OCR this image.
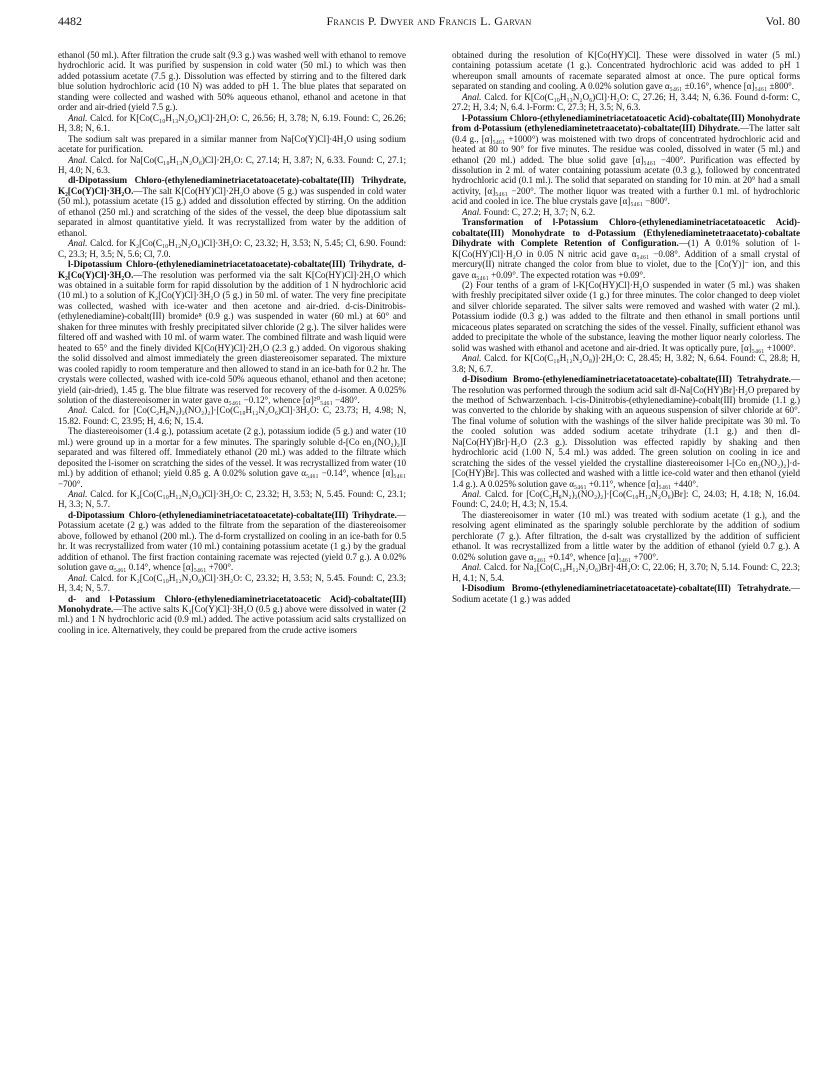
4482	Francis P. Dwyer and Francis L. Garvan	Vol. 80

ethanol (50 ml.). After filtration the crude salt (9.3 g.) was washed well with ethanol to remove hydrochloric acid. It was purified by suspension in cold water (50 ml.) to which was then added potassium acetate (7.5 g.). Dissolution was effected by stirring and to the filtered dark blue solution hydrochloric acid (10 N) was added to pH 1. The blue plates that separated on standing were collected and washed with 50% aqueous ethanol, ethanol and acetone in that order and air-dried (yield 7.5 g.).

Anal. Calcd. for K[Co(C₁₀H₁₃N₂O₆)Cl]·2H₂O: C, 26.56; H, 3.78; N, 6.19. Found: C, 26.26; H, 3.8; N, 6.1.

The sodium salt was prepared in a similar manner from Na[Co(Y)Cl]·4H₂O using sodium acetate for purification.

Anal. Calcd. for Na[Co(C₁₀H₁₃N₂O₆)Cl]·2H₂O: C, 27.14; H, 3.87; N, 6.33. Found: C, 27.1; H, 4.0; N, 6.3.

dl-Dipotassium Chloro-(ethylenediaminetriacetatoacetate)-cobaltate(III) Trihydrate, K₂[Co(Y)Cl]·3H₂O.—The salt K[Co(HY)Cl]·2H₂O above (5 g.) was suspended in cold water (50 ml.), potassium acetate (15 g.) added and dissolution effected by stirring. On the addition of ethanol (250 ml.) and scratching of the sides of the vessel, the deep blue dipotassium salt separated in almost quantitative yield. It was recrystallized from water by the addition of ethanol.

Anal. Calcd. for K₂[Co(C₁₀H₁₂N₂O₆)Cl]·3H₂O: C, 23.32; H, 3.53; N, 5.45; Cl, 6.90. Found: C, 23.3; H, 3.5; N, 5.6; Cl, 7.0.

l-Dipotassium Chloro-(ethylenediaminetriacetatoacetate)-cobaltate(III) Trihydrate, d-K₂[Co(Y)Cl]·3H₂O.—The resolution was performed via the salt K[Co(HY)Cl]·2H₂O which was obtained in a suitable form for rapid dissolution by the addition of 1 N hydrochloric acid (10 ml.) to a solution of K₂[Co(Y)Cl]·3H₂O (5 g.) in 50 ml. of water. The very fine precipitate was collected, washed with ice-water and then acetone and air-dried. d-cis-Dinitrobis-(ethylenediamine)-cobalt(III) bromide⁸ (0.9 g.) was suspended in water (60 ml.) at 60° and shaken for three minutes with freshly precipitated silver chloride (2 g.). The silver halides were filtered off and washed with 10 ml. of warm water. The combined filtrate and wash liquid were heated to 65° and the finely divided K[Co(HY)Cl]·2H₂O (2.3 g.) added. On vigorous shaking the solid dissolved and almost immediately the green diastereoisomer separated. The mixture was cooled rapidly to room temperature and then allowed to stand in an ice-bath for 0.2 hr. The crystals were collected, washed with ice-cold 50% aqueous ethanol, ethanol and then acetone; yield (air-dried), 1.45 g. The blue filtrate was reserved for recovery of the d-isomer. A 0.025% solution of the diastereoisomer in water gave α₅₄₆₁ −0.12°, whence [α]²⁰₅₄₆₁ −480°.

Anal. Calcd. for [Co(C₂H₈N₂)₂(NO₂)₂]·[Co(C₁₀H₁₂N₂O₆)Cl]·3H₂O: C, 23.73; H, 4.98; N, 15.82. Found: C, 23.95; H, 4.6; N, 15.4.

The diastereoisomer (1.4 g.), potassium acetate (2 g.), potassium iodide (5 g.) and water (10 ml.) were ground up in a mortar for a few minutes. The sparingly soluble d-[Co en₂(NO₂)₂]I separated and was filtered off. Immediately ethanol (20 ml.) was added to the filtrate which deposited the l-isomer on scratching the sides of the vessel. It was recrystallized from water (10 ml.) by addition of ethanol; yield 0.85 g. A 0.02% solution gave α₅₄₆₁ −0.14°, whence [α]₅₄₆₁ −700°.

Anal. Calcd. for K₂[Co(C₁₀H₁₂N₂O₆)Cl]·3H₂O: C, 23.32; H, 3.53; N, 5.45. Found: C, 23.1; H, 3.3; N, 5.7.

d-Dipotassium Chloro-(ethylenediaminetriacetatoacetate)-cobaltate(III) Trihydrate.—Potassium acetate (2 g.) was added to the filtrate from the separation of the diastereoisomer above, followed by ethanol (200 ml.). The d-form crystallized on cooling in an ice-bath for 0.5 hr. It was recrystallized from water (10 ml.) containing potassium acetate (1 g.) by the gradual addition of ethanol. The first fraction containing racemate was rejected (yield 0.7 g.). A 0.02% solution gave α₅₄₆₁ 0.14°, whence [α]₅₄₆₁ +700°.

Anal. Calcd. for K₂[Co(C₁₀H₁₂N₂O₆)Cl]·3H₂O: C, 23.32; H, 3.53; N, 5.45. Found: C, 23.3; H, 3.4; N, 5.7.

d- and l-Potassium Chloro-(ethylenediaminetriacetatoacetic Acid)-cobaltate(III) Monohydrate.—The active salts K₂[Co(Y)Cl]·3H₂O (0.5 g.) above were dissolved in water (2 ml.) and 1 N hydrochloric acid (0.9 ml.) added. The active potassium acid salts crystallized on cooling in ice. Alternatively, they could be prepared from the crude active isomers

obtained during the resolution of K[Co(HY)Cl]. These were dissolved in water (5 ml.) containing potassium acetate (1 g.). Concentrated hydrochloric acid was added to pH 1 whereupon small amounts of racemate separated almost at once. The pure optical forms separated on standing and cooling. A 0.02% solution gave α₅₄₆₁ ±0.16°, whence [α]₅₄₆₁ ±800°.

Anal. Calcd. for K[Co(C₁₀H₁₃N₂O₆)Cl]·H₂O: C, 27.26; H, 3.44; N, 6.36. Found d-form: C, 27.2; H, 3.4; N, 6.4. l-Form: C, 27.3; H, 3.5; N, 6.3.

l-Potassium Chloro-(ethylenediaminetriacetatoacetic Acid)-cobaltate(III) Monohydrate from d-Potassium (ethylenediaminetetraacetato)-cobaltate(III) Dihydrate.—The latter salt (0.4 g., [α]₅₄₆₁ +1000°) was moistened with two drops of concentrated hydrochloric acid and heated at 80 to 90° for five minutes. The residue was cooled, dissolved in water (5 ml.) and ethanol (20 ml.) added. The blue solid gave [α]₅₄₆₁ −400°. Purification was effected by dissolution in 2 ml. of water containing potassium acetate (0.3 g.), followed by concentrated hydrochloric acid (0.1 ml.). The solid that separated on standing for 10 min. at 20° had a small activity, [α]₅₄₆₁ −200°. The mother liquor was treated with a further 0.1 ml. of hydrochloric acid and cooled in ice. The blue crystals gave [α]₅₄₆₁ −800°.

Anal. Found: C, 27.2; H, 3.7; N, 6.2.

Transformation of l-Potassium Chloro-(ethylenediaminetriacetatoacetic Acid)-cobaltate(III) Monohydrate to d-Potassium (Ethylenediaminetetraacetato)-cobaltate Dihydrate with Complete Retention of Configuration.—(1) A 0.01% solution of l-K[Co(HY)Cl]·H₂O in 0.05 N nitric acid gave α₅₄₆₁ −0.08°. Addition of a small crystal of mercury(II) nitrate changed the color from blue to violet, due to the [Co(Y)]⁻ ion, and this gave α₅₄₆₁ +0.09°. The expected rotation was +0.09°.

(2) Four tenths of a gram of l-K[Co(HY)Cl]·H₂O suspended in water (5 ml.) was shaken with freshly precipitated silver oxide (1 g.) for three minutes. The color changed to deep violet and silver chloride separated. The silver salts were removed and washed with water (2 ml.). Potassium iodide (0.3 g.) was added to the filtrate and then ethanol in small portions until micaceous plates separated on scratching the sides of the vessel. Finally, sufficient ethanol was added to precipitate the whole of the substance, leaving the mother liquor nearly colorless. The solid was washed with ethanol and acetone and air-dried. It was optically pure, [α]₅₄₆₁ +1000°.

Anal. Calcd. for K[Co(C₁₀H₁₂N₂O₈)]·2H₂O: C, 28.45; H, 3.82; N, 6.64. Found: C, 28.8; H, 3.8; N, 6.7.

d-Disodium Bromo-(ethylenediaminetriacetatoacetate)-cobaltate(III) Tetrahydrate.—The resolution was performed through the sodium acid salt dl-Na[Co(HY)Br]·H₂O prepared by the method of Schwarzenbach. l-cis-Dinitrobis-(ethylenediamine)-cobalt(III) bromide (1.1 g.) was converted to the chloride by shaking with an aqueous suspension of silver chloride at 60°. The final volume of solution with the washings of the silver halide precipitate was 30 ml. To the cooled solution was added sodium acetate trihydrate (1.1 g.) and then dl-Na[Co(HY)Br]·H₂O (2.3 g.). Dissolution was effected rapidly by shaking and then hydrochloric acid (1.00 N, 5.4 ml.) was added. The green solution on cooling in ice and scratching the sides of the vessel yielded the crystalline diastereoisomer l-[Co en₂(NO₂)₂]·d-[Co(HY)Br]. This was collected and washed with a little ice-cold water and then ethanol (yield 1.4 g.). A 0.025% solution gave α₅₄₆₁ +0.11°, whence [α]₅₄₆₁ +440°.

Anal. Calcd. for [Co(C₂H₈N₂)₂(NO₂)₂]·[Co(C₁₀H₁₂N₂O₆)Br]: C, 24.03; H, 4.18; N, 16.04. Found: C, 24.0; H, 4.3; N, 15.4.

The diastereoisomer in water (10 ml.) was treated with sodium acetate (1 g.), and the resolving agent eliminated as the sparingly soluble perchlorate by the addition of sodium perchlorate (7 g.). After filtration, the d-salt was crystallized by the addition of sufficient ethanol. It was recrystallized from a little water by the addition of ethanol (yield 0.7 g.). A 0.02% solution gave α₅₄₆₁ +0.14°, whence [α]₅₄₆₁ +700°.

Anal. Calcd. for Na₂[Co(C₁₀H₁₂N₂O₆)Br]·4H₂O: C, 22.06; H, 3.70; N, 5.14. Found: C, 22.3; H, 4.1; N, 5.4.

l-Disodium Bromo-(ethylenediaminetriacetatoacetate)-cobaltate(III) Tetrahydrate.—Sodium acetate (1 g.) was added
